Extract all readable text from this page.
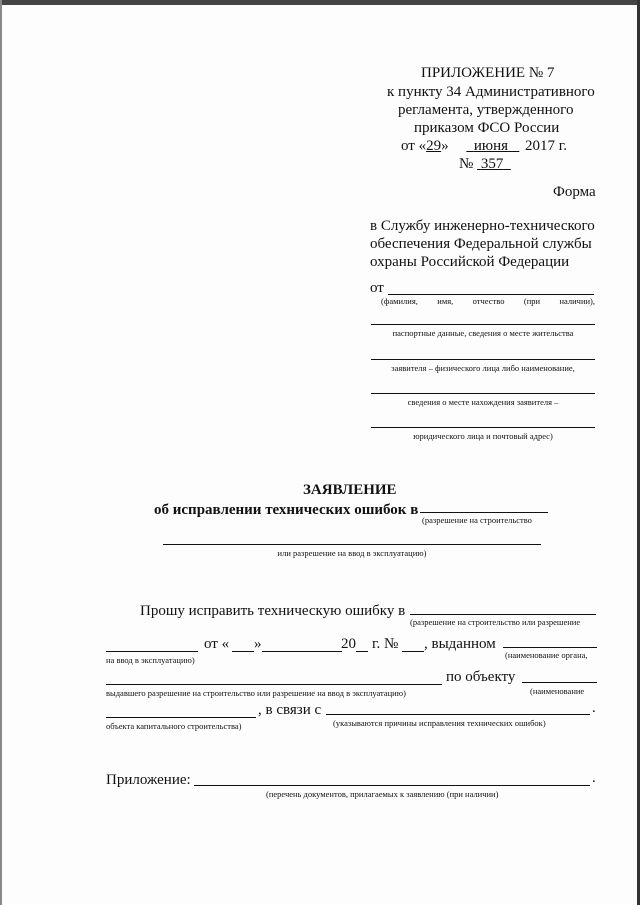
ПРИЛОЖЕНИЕ № 7
к пункту 34 Административного
регламента, утвержденного
приказом ФСО России
от «29» июня 2017 г.
№ 357
Форма
в Службу инженерно-технического
обеспечения Федеральной службы
охраны Российской Федерации
от
(фамилия, имя, отчество (при наличии),
паспортные данные, сведения о месте жительства
заявителя – физического лица либо наименование,
сведения о месте нахождения заявителя –
юридического лица и почтовый адрес)
ЗАЯВЛЕНИЕ
об исправлении технических ошибок в
(разрешение на строительство
или разрешение на ввод в эксплуатацию)
Прошу исправить техническую ошибку в
(разрешение на строительство или разрешение
от « »	20 г. № , выданном
на ввод в эксплуатацию)	(наименование органа,
по объекту
выдавшего разрешение на строительство или разрешение на ввод в эксплуатацию)	(наименование
, в связи с	.
объекта капитального строительства)	(указываются причины исправления технических ошибок)
Приложение:	.
(перечень документов, прилагаемых к заявлению (при наличии)
